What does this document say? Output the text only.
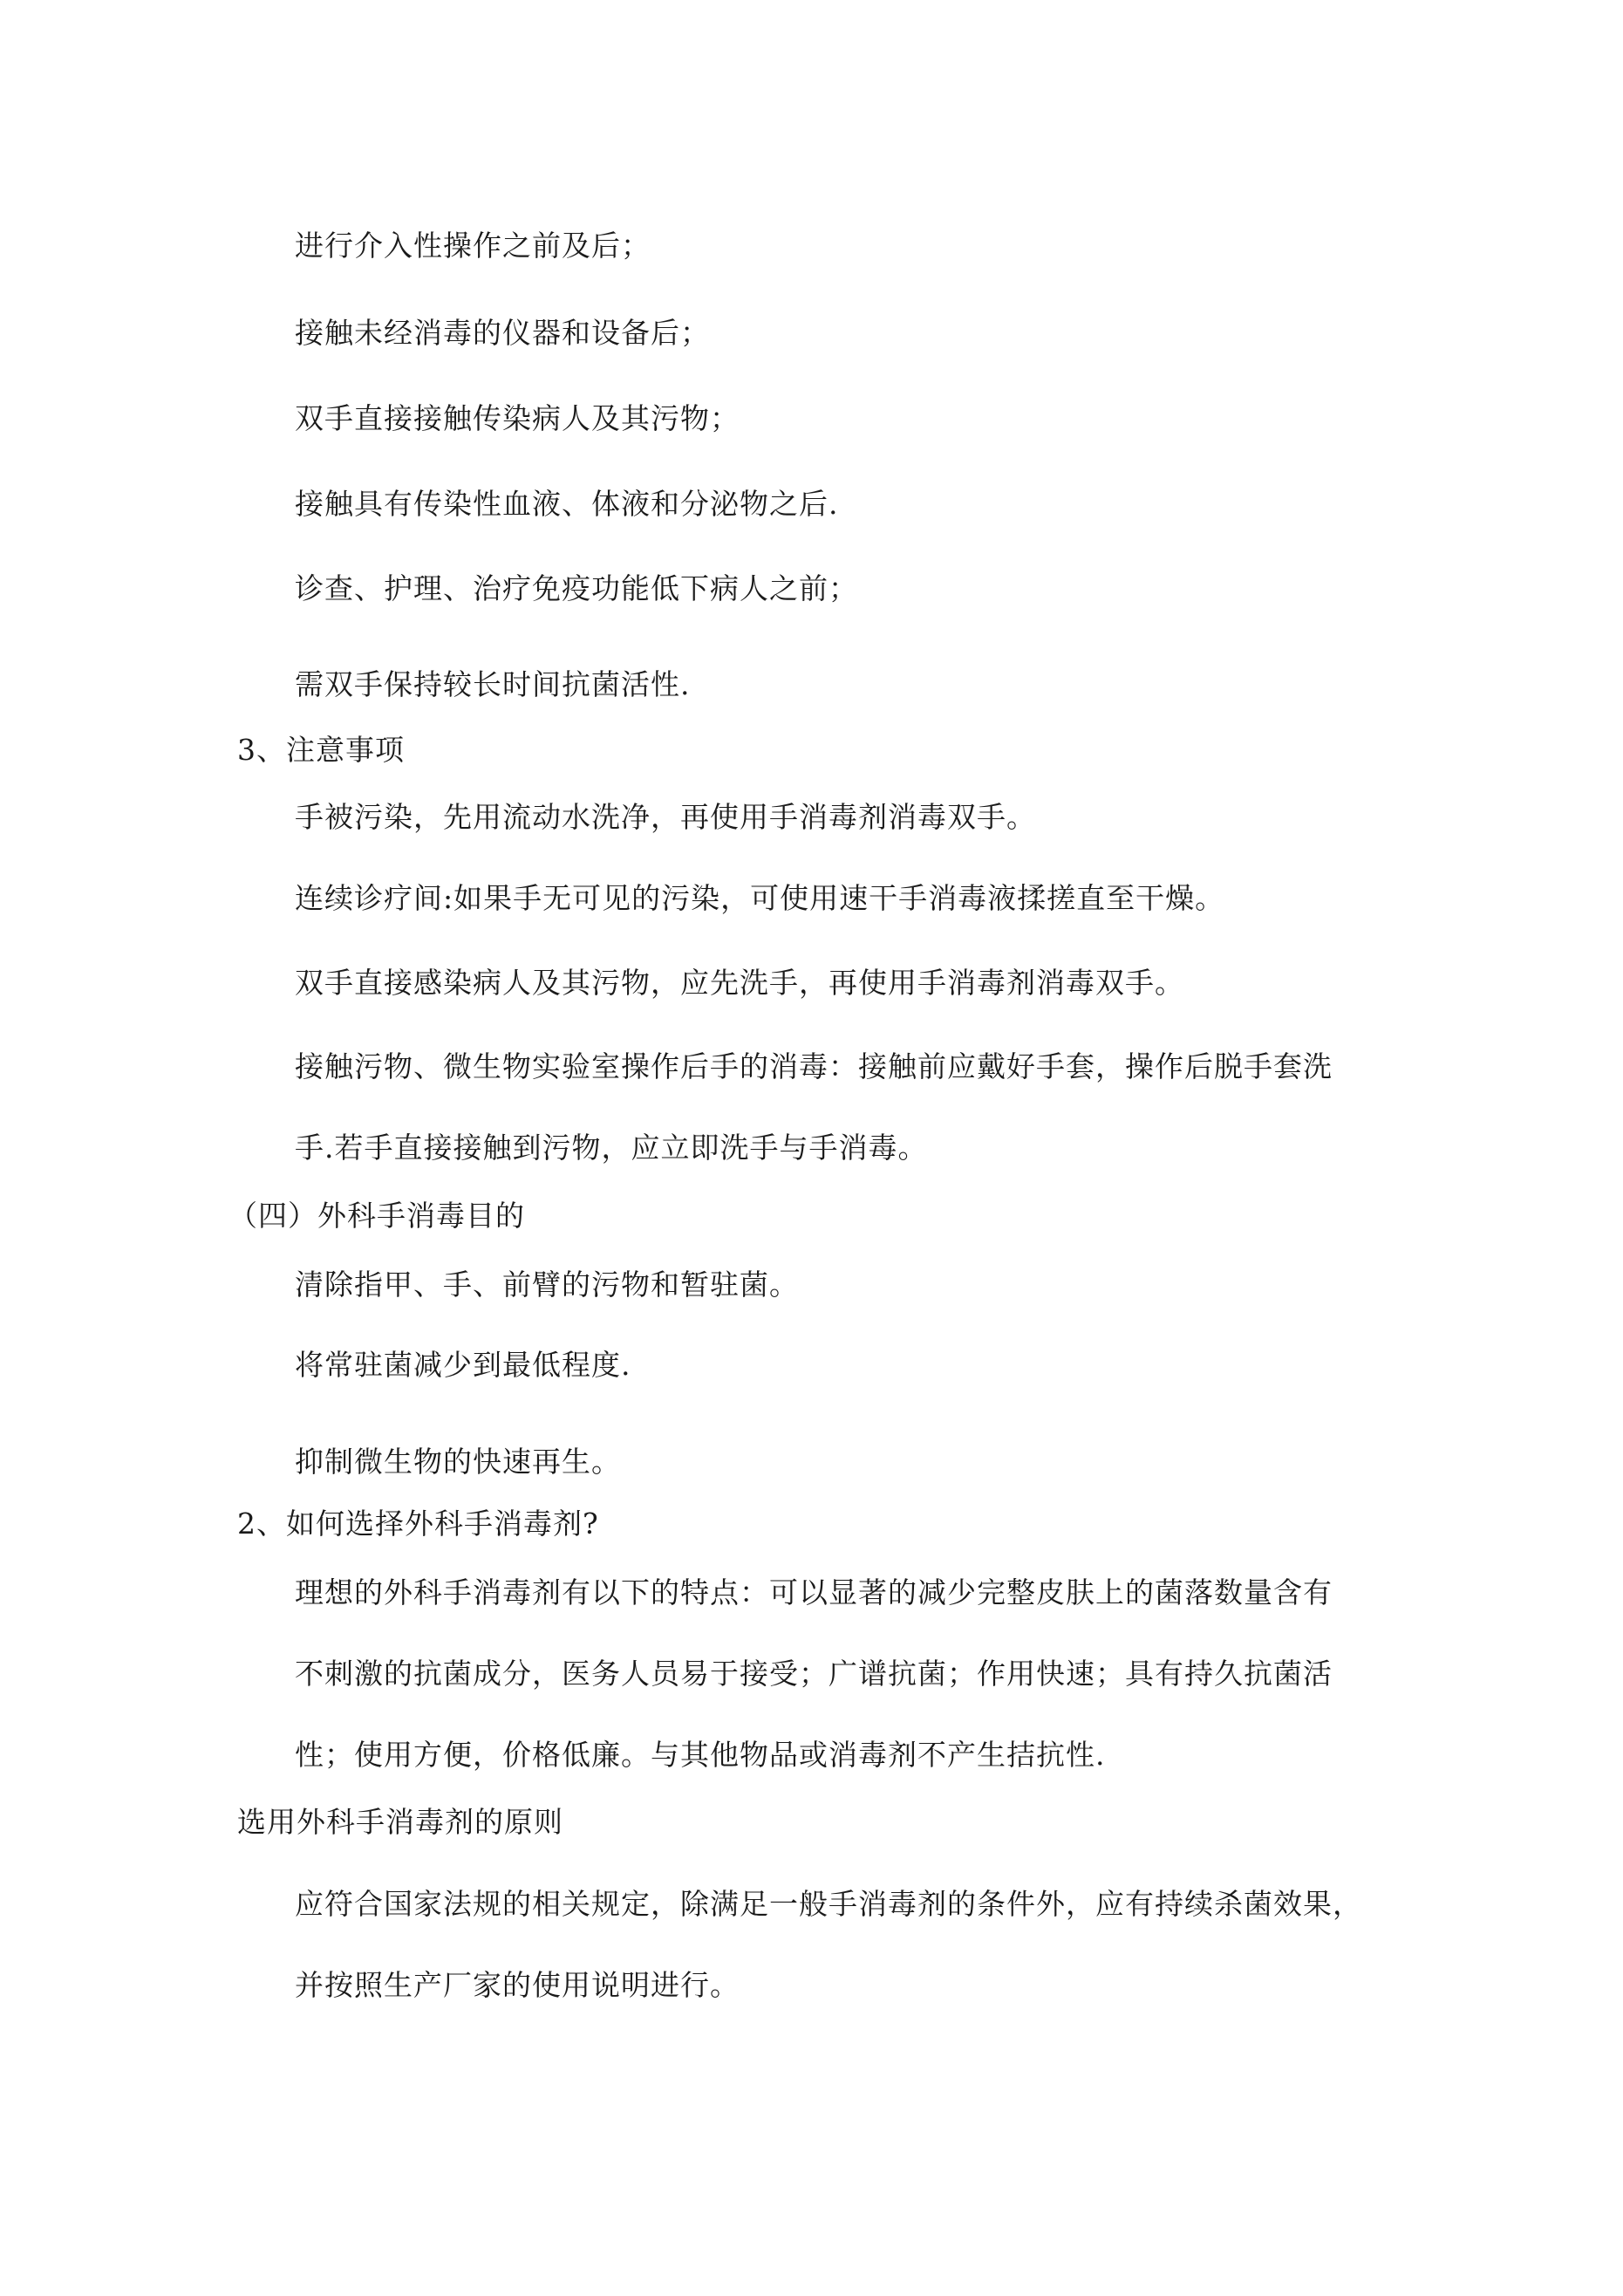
进行介入性操作之前及后；
接触未经消毒的仪器和设备后；
双手直接接触传染病人及其污物；
接触具有传染性血液、体液和分泌物之后.
诊查、护理、治疗免疫功能低下病人之前；
需双手保持较长时间抗菌活性.
3、注意事项
手被污染，先用流动水洗净，再使用手消毒剂消毒双手。
连续诊疗间:如果手无可见的污染，可使用速干手消毒液揉搓直至干燥。
双手直接感染病人及其污物，应先洗手，再使用手消毒剂消毒双手。
接触污物、微生物实验室操作后手的消毒：接触前应戴好手套，操作后脱手套洗
手.若手直接接触到污物，应立即洗手与手消毒。
（四）外科手消毒目的
清除指甲、手、前臂的污物和暂驻菌。
将常驻菌减少到最低程度.
抑制微生物的快速再生。
2、如何选择外科手消毒剂?
理想的外科手消毒剂有以下的特点：可以显著的减少完整皮肤上的菌落数量含有
不刺激的抗菌成分，医务人员易于接受；广谱抗菌；作用快速；具有持久抗菌活
性；使用方便，价格低廉。与其他物品或消毒剂不产生拮抗性.
选用外科手消毒剂的原则
应符合国家法规的相关规定，除满足一般手消毒剂的条件外，应有持续杀菌效果，
并按照生产厂家的使用说明进行。
